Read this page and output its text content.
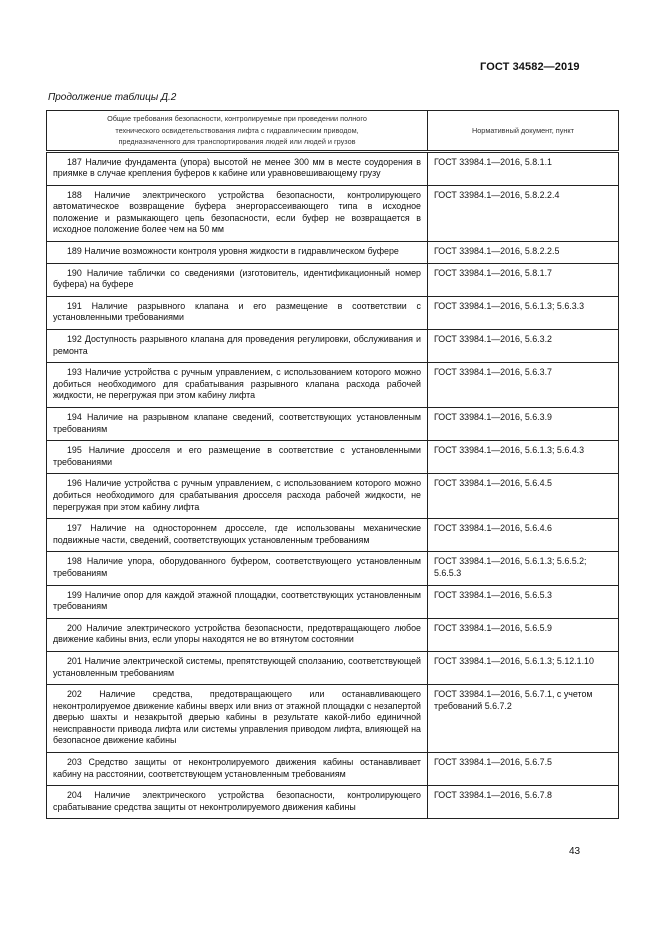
ГОСТ 34582—2019
Продолжение таблицы Д.2
Общие требования безопасности, контролируемые при проведении полного
технического освидетельствования лифта с гидравлическим приводом,
предназначенного для транспортирования людей или людей и грузов	Нормативный документ, пункт
187 Наличие фундамента (упора) высотой не менее 300 мм в месте соудорения в приямке в случае крепления буферов к кабине или уравновешивающему грузу	ГОСТ 33984.1—2016, 5.8.1.1
188 Наличие электрического устройства безопасности, контролирующего автоматическое возвращение буфера энергорассеивающего типа в исходное положение и размыкающего цепь безопасности, если буфер не возвращается в исходное положение более чем на 50 мм	ГОСТ 33984.1—2016, 5.8.2.2.4
189 Наличие возможности контроля уровня жидкости в гидравлическом буфере	ГОСТ 33984.1—2016, 5.8.2.2.5
190 Наличие таблички со сведениями (изготовитель, идентификационный номер буфера) на буфере	ГОСТ 33984.1—2016, 5.8.1.7
191 Наличие разрывного клапана и его размещение в соответствии с установленными требованиями	ГОСТ 33984.1—2016, 5.6.1.3; 5.6.3.3
192 Доступность разрывного клапана для проведения регулировки, обслуживания и ремонта	ГОСТ 33984.1—2016, 5.6.3.2
193 Наличие устройства с ручным управлением, с использованием которого можно добиться необходимого для срабатывания разрывного клапана расхода рабочей жидкости, не перегружая при этом кабину лифта	ГОСТ 33984.1—2016, 5.6.3.7
194 Наличие на разрывном клапане сведений, соответствующих установленным требованиям	ГОСТ 33984.1—2016, 5.6.3.9
195 Наличие дросселя и его размещение в соответствие с установленными требованиями	ГОСТ 33984.1—2016, 5.6.1.3; 5.6.4.3
196 Наличие устройства с ручным управлением, с использованием которого можно добиться необходимого для срабатывания дросселя расхода рабочей жидкости, не перегружая при этом кабину лифта	ГОСТ 33984.1—2016, 5.6.4.5
197 Наличие на одностороннем дросселе, где использованы механические подвижные части, сведений, соответствующих установленным требованиям	ГОСТ 33984.1—2016, 5.6.4.6
198 Наличие упора, оборудованного буфером, соответствующего установленным требованиям	ГОСТ 33984.1—2016, 5.6.1.3; 5.6.5.2; 5.6.5.3
199 Наличие опор для каждой этажной площадки, соответствующих установленным требованиям	ГОСТ 33984.1—2016, 5.6.5.3
200 Наличие электрического устройства безопасности, предотвращающего любое движение кабины вниз, если упоры находятся не во втянутом состоянии	ГОСТ 33984.1—2016, 5.6.5.9
201 Наличие электрической системы, препятствующей сползанию, соответствующей установленным требованиям	ГОСТ 33984.1—2016, 5.6.1.3; 5.12.1.10
202 Наличие средства, предотвращающего или останавливающего неконтролируемое движение кабины вверх или вниз от этажной площадки с незапертой дверью шахты и незакрытой дверью кабины в результате какой-либо единичной неисправности привода лифта или системы управления приводом лифта, влияющей на безопасное движение кабины	ГОСТ 33984.1—2016, 5.6.7.1, с учетом требований 5.6.7.2
203 Средство защиты от неконтролируемого движения кабины останавливает кабину на расстоянии, соответствующем установленным требованиям	ГОСТ 33984.1—2016, 5.6.7.5
204 Наличие электрического устройства безопасности, контролирующего срабатывание средства защиты от неконтролируемого движения кабины	ГОСТ 33984.1—2016, 5.6.7.8
43
